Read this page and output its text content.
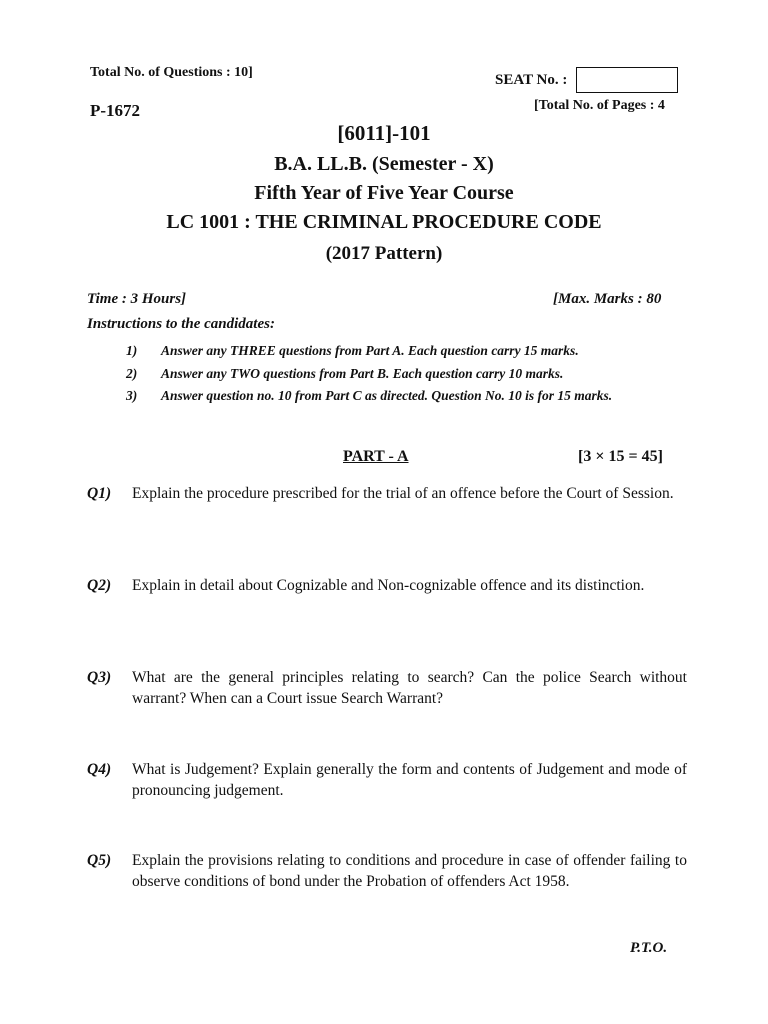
Total No. of Questions : 10]	SEAT No. :
P-1672	[Total No. of Pages : 4
[6011]-101
B.A. LL.B. (Semester - X)
Fifth Year of Five Year Course
LC 1001 : THE CRIMINAL PROCEDURE CODE
(2017 Pattern)
Time : 3 Hours]	[Max. Marks : 80
Instructions to the candidates:
1)	Answer any THREE questions from Part A. Each question carry 15 marks.
2)	Answer any TWO questions from Part B. Each question carry 10 marks.
3)	Answer question no. 10 from Part C as directed. Question No. 10 is for 15 marks.
PART - A	[3 × 15 = 45]
Q1) Explain the procedure prescribed for the trial of an offence before the Court of Session.
Q2) Explain in detail about Cognizable and Non-cognizable offence and its distinction.
Q3) What are the general principles relating to search? Can the police Search without warrant? When can a Court issue Search Warrant?
Q4) What is Judgement? Explain generally the form and contents of Judgement and mode of pronouncing judgement.
Q5) Explain the provisions relating to conditions and procedure in case of offender failing to observe conditions of bond under the Probation of offenders Act 1958.
P.T.O.
